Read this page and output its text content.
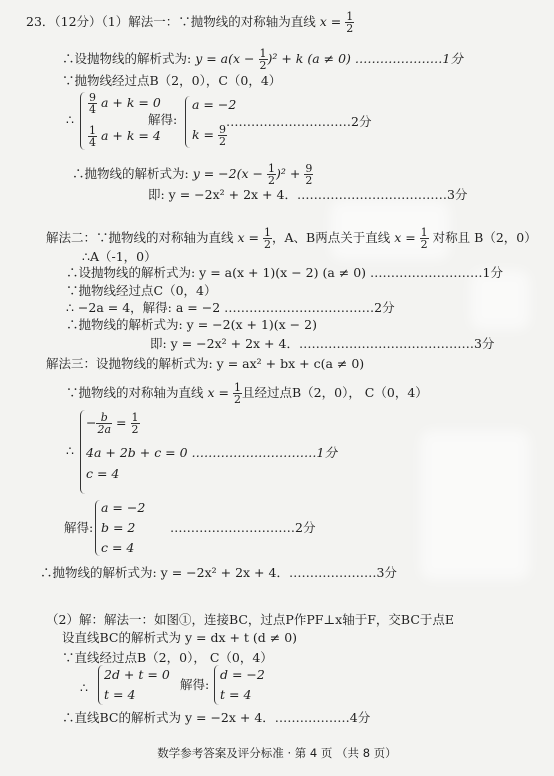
23．（12分）（1）解法一：∵抛物线的对称轴为直线 $x = \frac{1}{2}$
∴设抛物线的解析式为: $y = a(x - \frac{1}{2} )^2 + k$ (a ≠ 0) …………………1分
∵抛物线经过点B（2，0），C（0，4）
∴
$\frac{9}{4}$ a + k = 0
$\frac{1}{4}$ a + k = 4
解得:
a = −2
$k = \frac{9}{2}$
…………………………2分
∴抛物线的解析式为: $y = -2(x - \frac{1}{2} )^2 + \frac{9}{2}$
即: y = −2x² + 2x + 4．………………………………3分
解法二：∵抛物线的对称轴为直线 $x = \frac{1}{2}$ ，A、B两点关于直线 $x = \frac{1}{2}$ 对称且 B（2，0）
∴A（-1，0）
∴设抛物线的解析式为: y = a(x + 1)(x − 2) (a ≠ 0) ………………………1分
∵抛物线经过点C（0，4）
∴ −2a = 4，解得: a = −2 ………………………………2分
∴抛物线的解析式为: y = −2(x + 1)(x − 2)
即: y = −2x² + 2x + 4．……………………………………3分
解法三：设抛物线的解析式为: y = ax² + bx + c(a ≠ 0)
∵抛物线的对称轴为直线 $x = \frac{1}{2}$ 且经过点B（2，0）， C（0，4）
∴
− $\frac{b}{2a} = \frac{1}{2}$
4a + 2b + c = 0 …………………………1分
c = 4
解得:
a = −2
b = 2
c = 4
…………………………2分
∴抛物线的解析式为: y = −2x² + 2x + 4．…………………3分
（2）解：解法一：如图①，连接BC，过点P作PF⊥x轴于F，交BC于点E
设直线BC的解析式为 y = dx + t (d ≠ 0)
∵直线经过点B（2，0）， C（0，4）
∴
2d + t = 0
t = 4
解得:
d = −2
t = 4
∴直线BC的解析式为 y = −2x + 4．………………4分
数学参考答案及评分标准 · 第 4 页 （共 8 页）
